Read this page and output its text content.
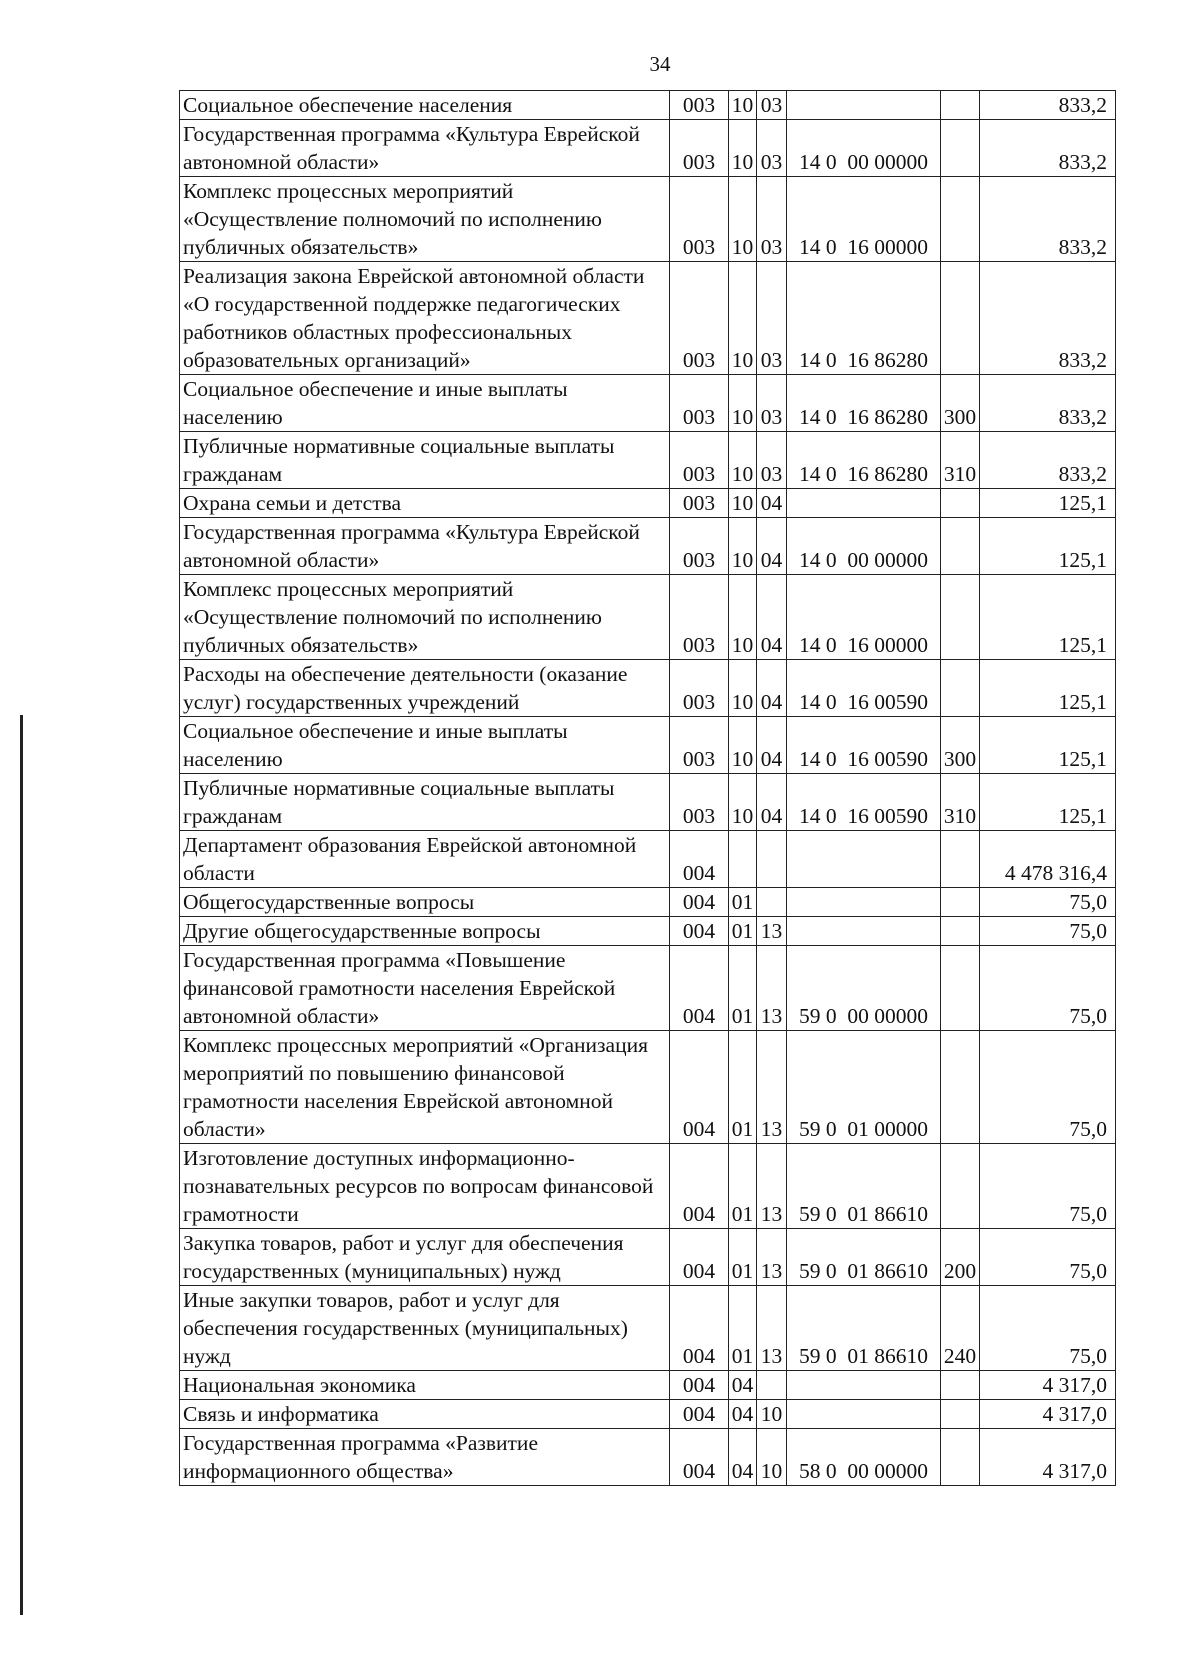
34
Социальное обеспечение населения	003	10	03			833,2
Государственная программа «Культура Еврейской автономной области»	003	10	03	14 0  00 00000		833,2
Комплекс процессных мероприятий «Осуществление полномочий по исполнению публичных обязательств»	003	10	03	14 0  16 00000		833,2
Реализация закона Еврейской автономной области «О государственной поддержке педагогических работников областных профессиональных образовательных организаций»	003	10	03	14 0  16 86280		833,2
Социальное обеспечение и иные выплаты населению	003	10	03	14 0  16 86280	300	833,2
Публичные нормативные социальные выплаты гражданам	003	10	03	14 0  16 86280	310	833,2
Охрана семьи и детства	003	10	04			125,1
Государственная программа «Культура Еврейской автономной области»	003	10	04	14 0  00 00000		125,1
Комплекс процессных мероприятий «Осуществление полномочий по исполнению публичных обязательств»	003	10	04	14 0  16 00000		125,1
Расходы на обеспечение деятельности (оказание услуг) государственных учреждений	003	10	04	14 0  16 00590		125,1
Социальное обеспечение и иные выплаты населению	003	10	04	14 0  16 00590	300	125,1
Публичные нормативные социальные выплаты гражданам	003	10	04	14 0  16 00590	310	125,1
Департамент образования Еврейской автономной области	004					4 478 316,4
Общегосударственные вопросы	004	01				75,0
Другие общегосударственные вопросы	004	01	13			75,0
Государственная программа «Повышение финансовой грамотности населения Еврейской автономной области»	004	01	13	59 0  00 00000		75,0
Комплекс процессных мероприятий «Организация мероприятий по повышению финансовой грамотности населения Еврейской автономной области»	004	01	13	59 0  01 00000		75,0
Изготовление доступных информационно-познавательных ресурсов по вопросам финансовой грамотности	004	01	13	59 0  01 86610		75,0
Закупка товаров, работ и услуг для обеспечения государственных (муниципальных) нужд	004	01	13	59 0  01 86610	200	75,0
Иные закупки товаров, работ и услуг для обеспечения государственных (муниципальных) нужд	004	01	13	59 0  01 86610	240	75,0
Национальная экономика	004	04				4 317,0
Связь и информатика	004	04	10			4 317,0
Государственная программа «Развитие информационного общества»	004	04	10	58 0  00 00000		4 317,0
